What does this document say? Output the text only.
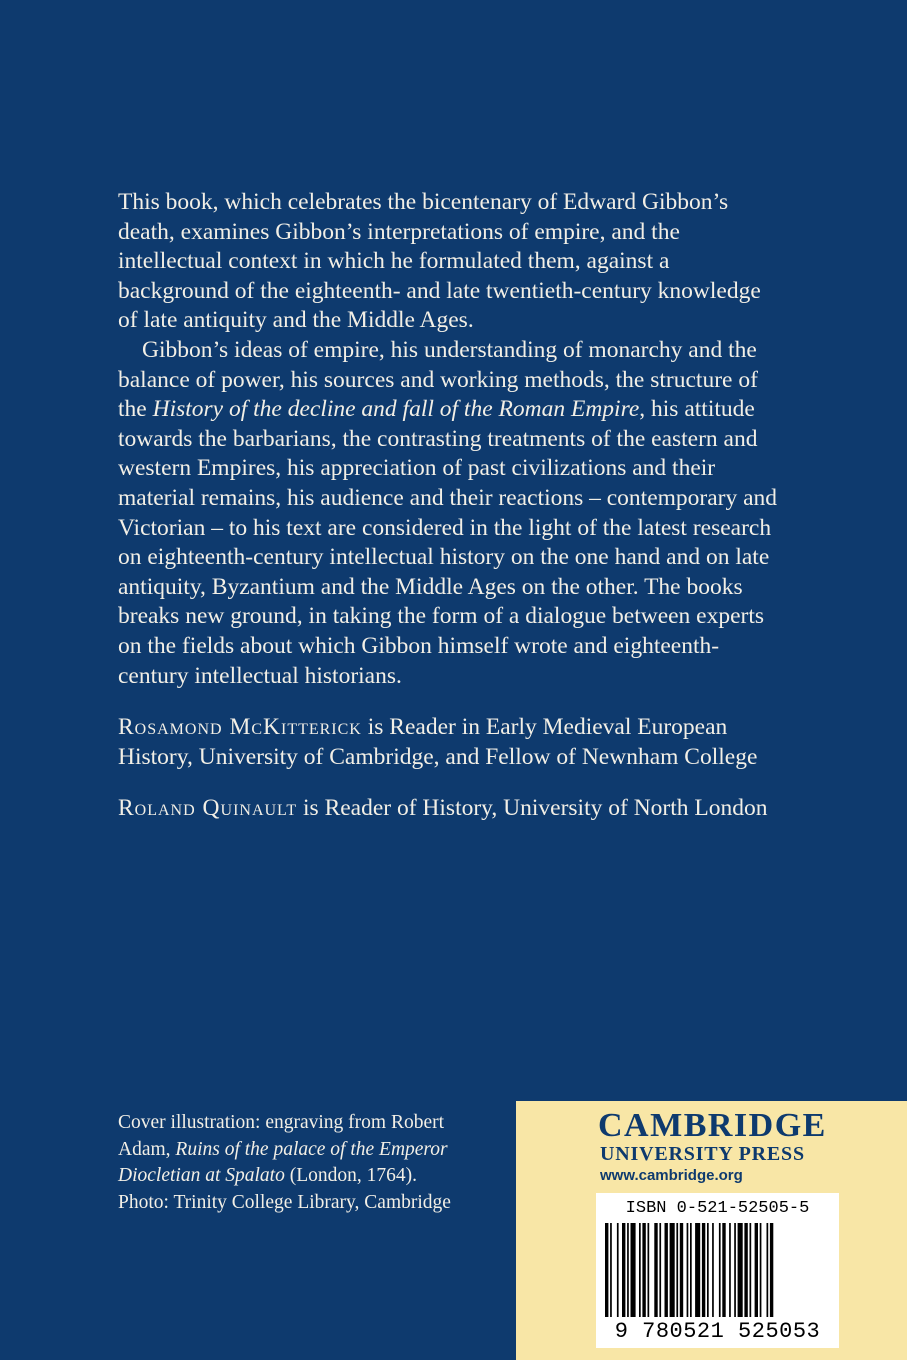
This book, which celebrates the bicentenary of Edward Gibbon’s death, examines Gibbon’s interpretations of empire, and the intellectual context in which he formulated them, against a background of the eighteenth- and late twentieth-century knowledge of late antiquity and the Middle Ages.

Gibbon’s ideas of empire, his understanding of monarchy and the balance of power, his sources and working methods, the structure of the History of the decline and fall of the Roman Empire, his attitude towards the barbarians, the contrasting treatments of the eastern and western Empires, his appreciation of past civilizations and their material remains, his audience and their reactions – contemporary and Victorian – to his text are considered in the light of the latest research on eighteenth-century intellectual history on the one hand and on late antiquity, Byzantium and the Middle Ages on the other. The books breaks new ground, in taking the form of a dialogue between experts on the fields about which Gibbon himself wrote and eighteenth-century intellectual historians.

Rosamond McKitterick is Reader in Early Medieval European History, University of Cambridge, and Fellow of Newnham College

Roland Quinault is Reader of History, University of North London

Cover illustration: engraving from Robert Adam, Ruins of the palace of the Emperor Diocletian at Spalato (London, 1764).

Photo: Trinity College Library, Cambridge

CAMBRIDGE
UNIVERSITY PRESS
www.cambridge.org
ISBN 0-521-52505-5
9 780521 525053
